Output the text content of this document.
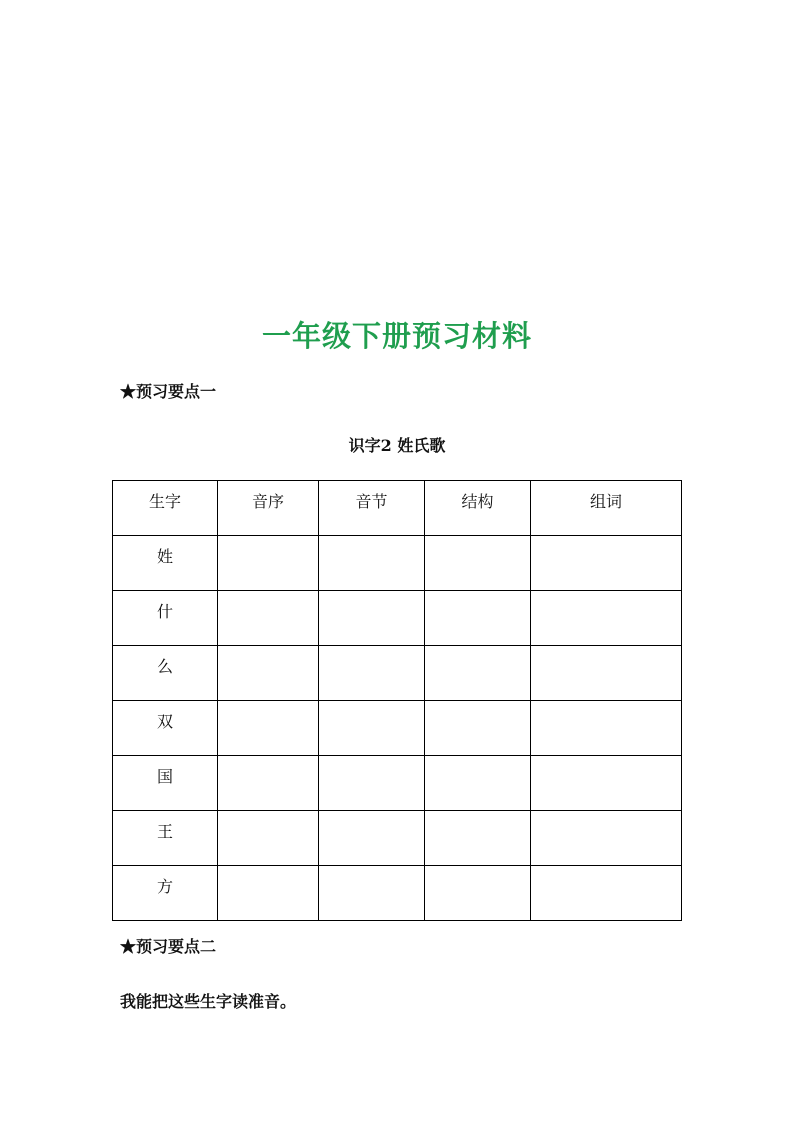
一年级下册预习材料
★预习要点一
识字2 姓氏歌
生字	音序	音节	结构	组词
姓				
什				
么				
双				
国				
王				
方				
★预习要点二
我能把这些生字读准音。
